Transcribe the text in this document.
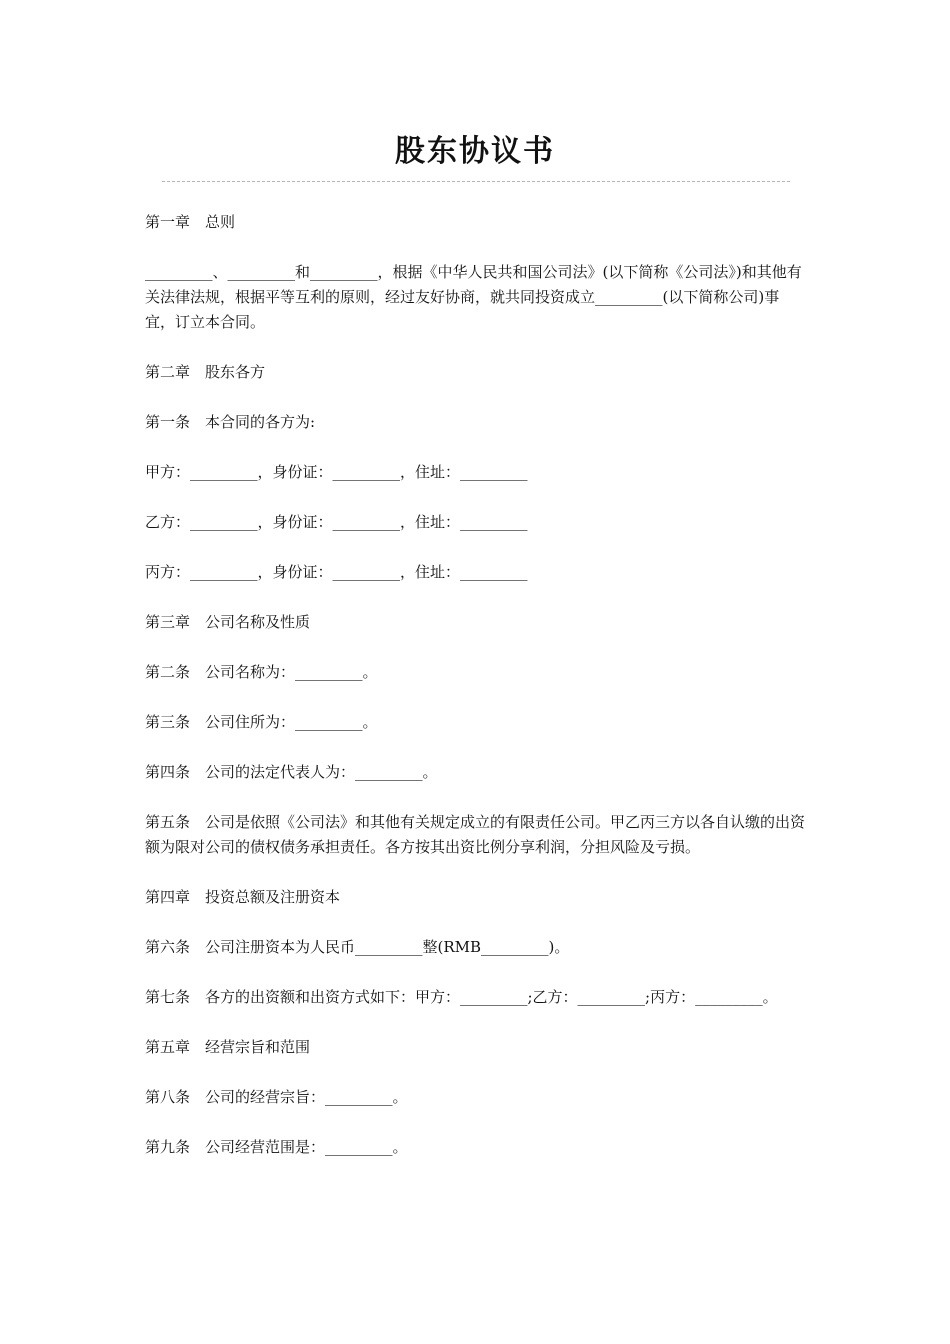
股东协议书

第一章　总则

_________、_________和_________，根据《中华人民共和国公司法》(以下简称《公司法》)和其他有关法律法规，根据平等互利的原则，经过友好协商，就共同投资成立_________(以下简称公司)事宜，订立本合同。

第二章　股东各方

第一条　本合同的各方为:

甲方：_________，身份证：_________，住址：_________

乙方：_________，身份证：_________，住址：_________

丙方：_________，身份证：_________，住址：_________

第三章　公司名称及性质

第二条　公司名称为：_________。

第三条　公司住所为：_________。

第四条　公司的法定代表人为：_________。

第五条　公司是依照《公司法》和其他有关规定成立的有限责任公司。甲乙丙三方以各自认缴的出资额为限对公司的债权债务承担责任。各方按其出资比例分享利润，分担风险及亏损。

第四章　投资总额及注册资本

第六条　公司注册资本为人民币_________整(RMB_________)。

第七条　各方的出资额和出资方式如下：甲方：_________;乙方：_________;丙方：_________。

第五章　经营宗旨和范围

第八条　公司的经营宗旨：_________。

第九条　公司经营范围是：_________。
